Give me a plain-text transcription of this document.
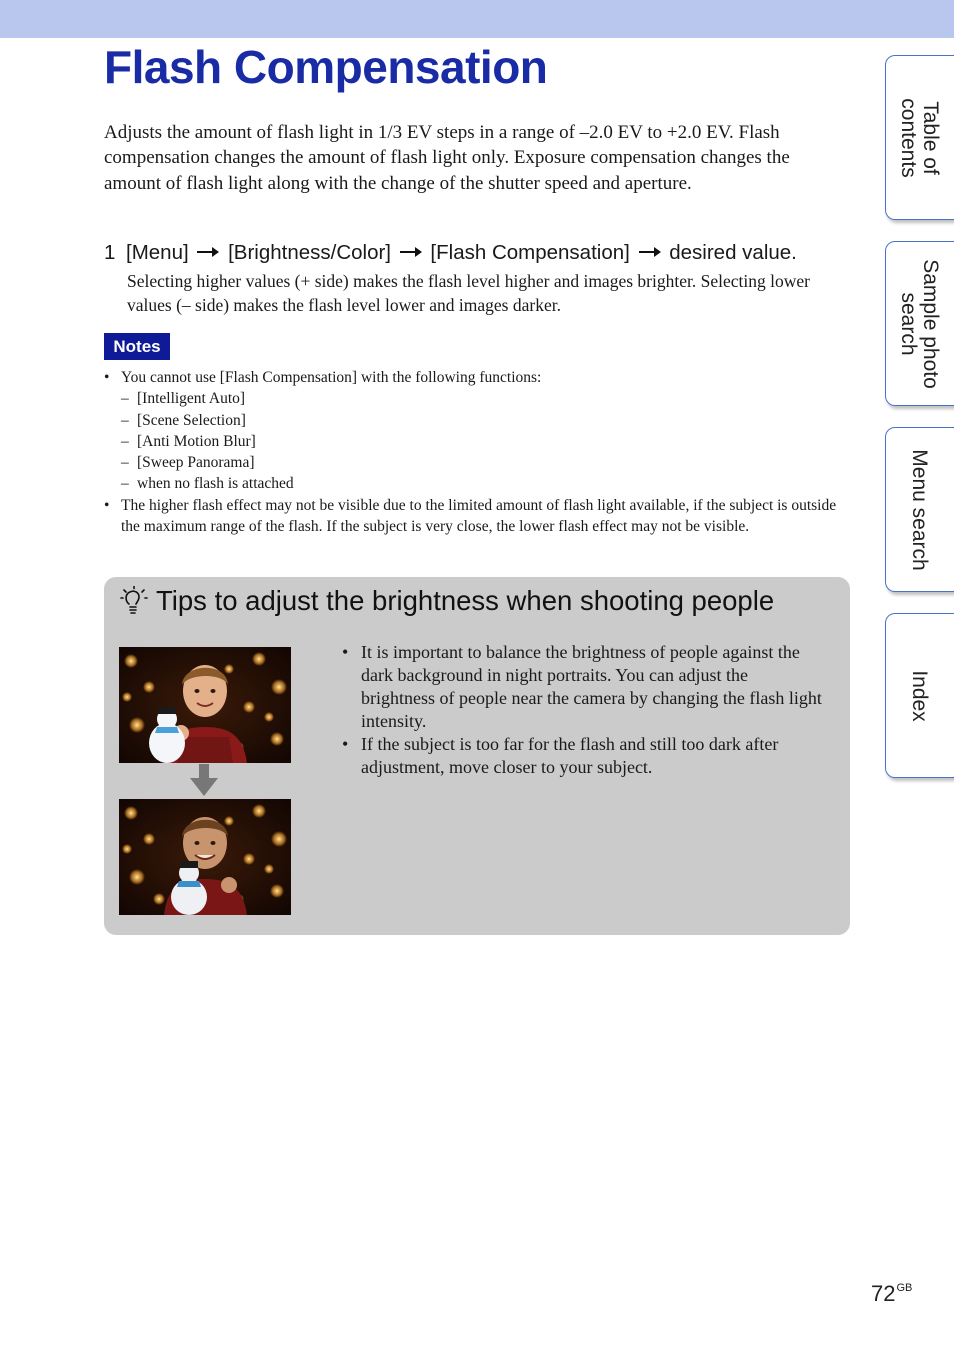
Flash Compensation

Adjusts the amount of flash light in 1/3 EV steps in a range of –2.0 EV to +2.0 EV. Flash compensation changes the amount of flash light only. Exposure compensation changes the amount of flash light along with the change of the shutter speed and aperture.

1 [Menu] [Brightness/Color] [Flash Compensation] desired value.

Selecting higher values (+ side) makes the flash level higher and images brighter. Selecting lower values (– side) makes the flash level lower and images darker.

Notes
• You cannot use [Flash Compensation] with the following functions:
– [Intelligent Auto]
– [Scene Selection]
– [Anti Motion Blur]
– [Sweep Panorama]
– when no flash is attached
• The higher flash effect may not be visible due to the limited amount of flash light available, if the subject is outside the maximum range of the flash. If the subject is very close, the lower flash effect may not be visible.
Tips to adjust the brightness when shooting people
• It is important to balance the brightness of people against the dark background in night portraits. You can adjust the brightness of people near the camera by changing the flash light intensity.
• If the subject is too far for the flash and still too dark after adjustment, move closer to your subject.
Table of
contents
Sample photo
search
Menu search
Index
$72^{GB}$
